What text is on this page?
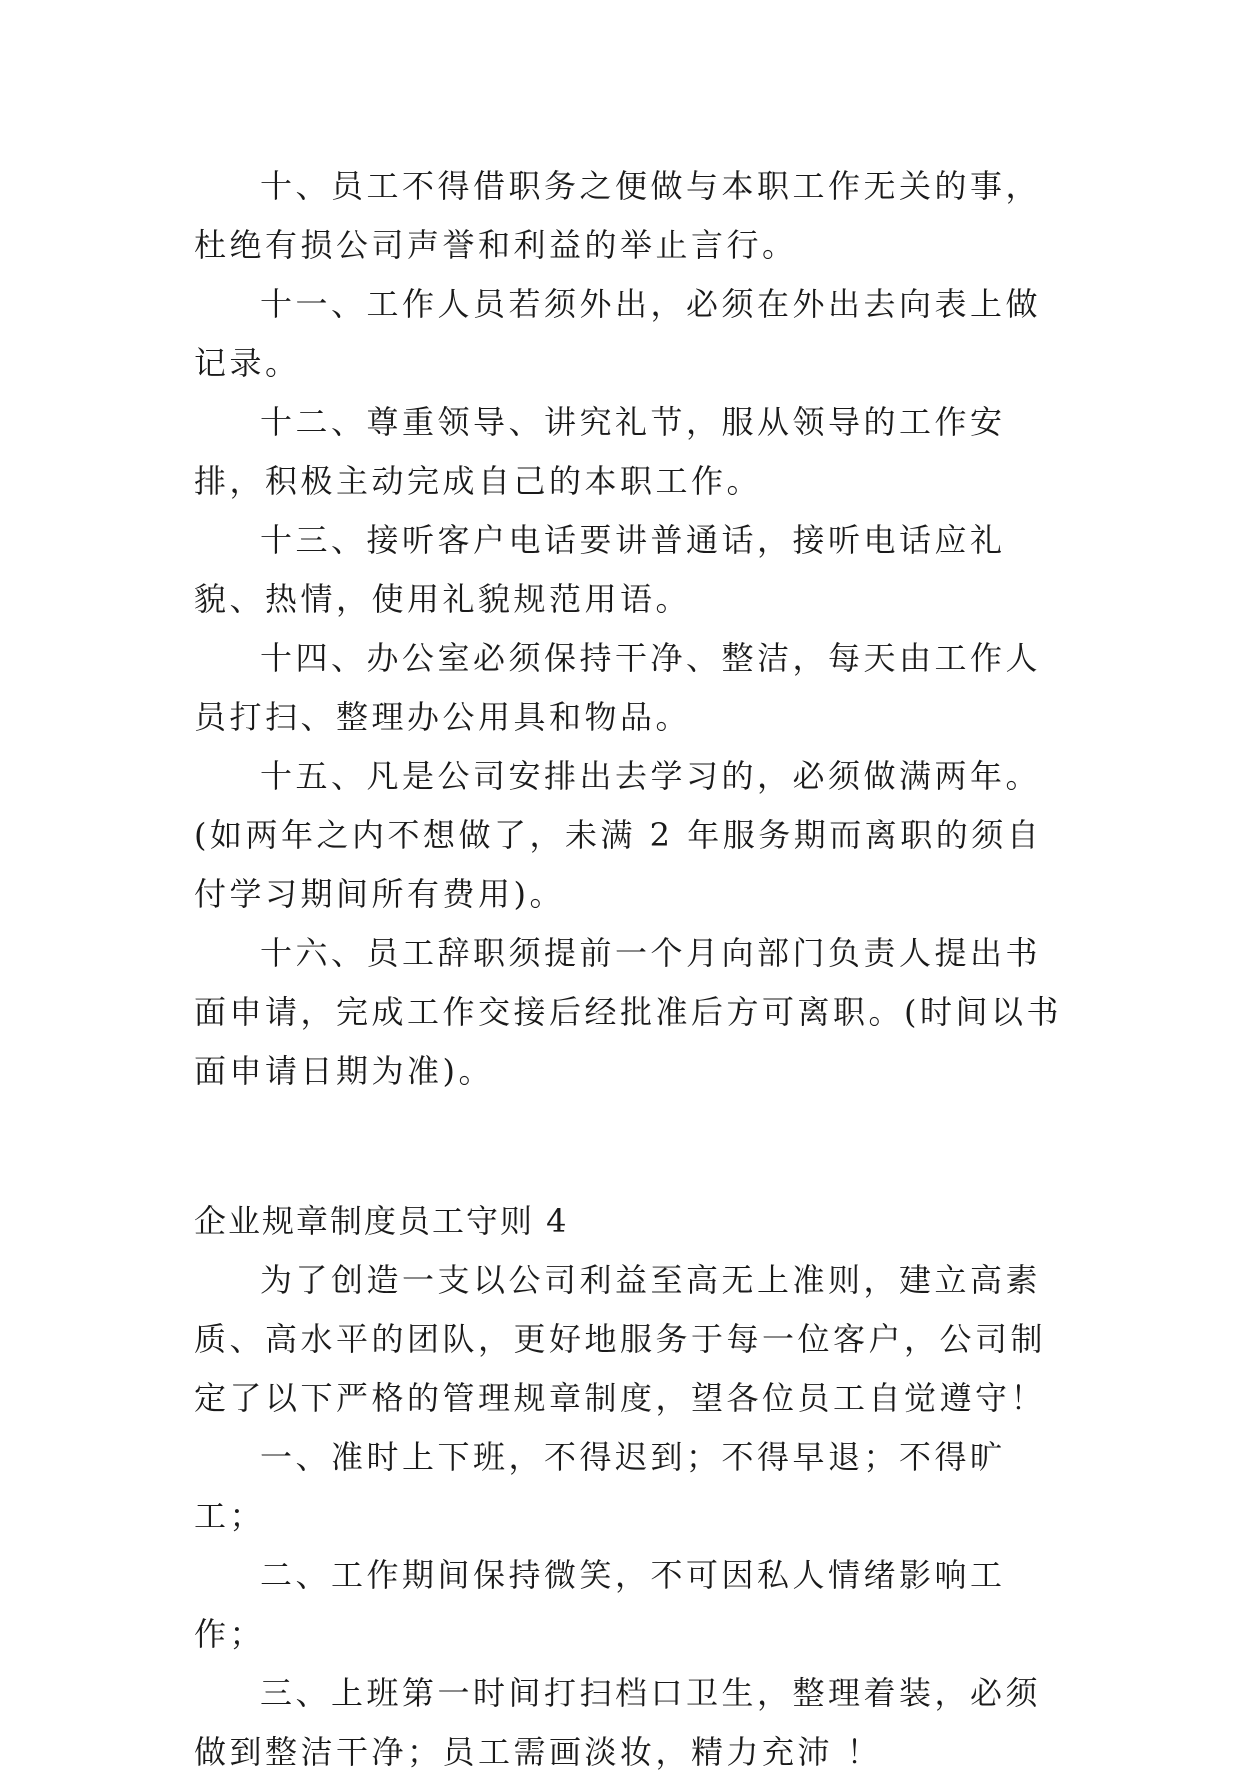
十、员工不得借职务之便做与本职工作无关的事，杜绝有损公司声誉和利益的举止言行。

十一、工作人员若须外出，必须在外出去向表上做记录。

十二、尊重领导、讲究礼节，服从领导的工作安排，积极主动完成自己的本职工作。

十三、接听客户电话要讲普通话，接听电话应礼貌、热情，使用礼貌规范用语。

十四、办公室必须保持干净、整洁，每天由工作人员打扫、整理办公用具和物品。

十五、凡是公司安排出去学习的，必须做满两年。(如两年之内不想做了，未满 2 年服务期而离职的须自付学习期间所有费用)。

十六、员工辞职须提前一个月向部门负责人提出书面申请，完成工作交接后经批准后方可离职。(时间以书面申请日期为准)。

企业规章制度员工守则 4

为了创造一支以公司利益至高无上准则，建立高素质、高水平的团队，更好地服务于每一位客户，公司制定了以下严格的管理规章制度，望各位员工自觉遵守！

一、准时上下班，不得迟到；不得早退；不得旷工；

二、工作期间保持微笑，不可因私人情绪影响工作；

三、上班第一时间打扫档口卫生，整理着装，必须做到整洁干净；员工需画淡妆，精力充沛 ！
